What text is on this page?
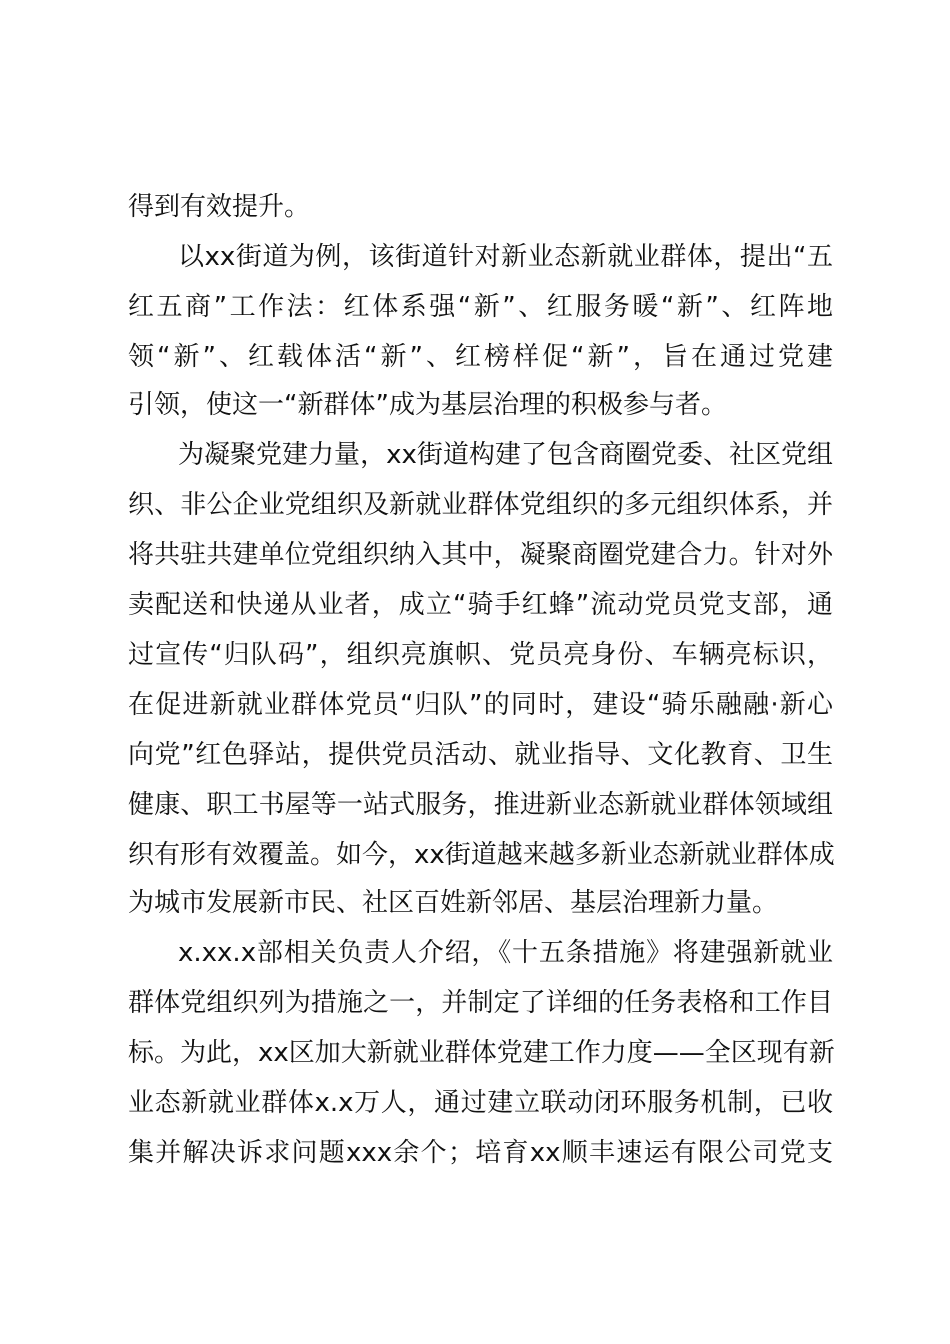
得到有效提升。
以xx街道为例，该街道针对新业态新就业群体，提出“五
红五商”工作法：红体系强“新”、红服务暖“新”、红阵地
领“新”、红载体活“新”、红榜样促“新”，旨在通过党建
引领，使这一“新群体”成为基层治理的积极参与者。
为凝聚党建力量，xx街道构建了包含商圈党委、社区党组
织、非公企业党组织及新就业群体党组织的多元组织体系，并
将共驻共建单位党组织纳入其中，凝聚商圈党建合力。针对外
卖配送和快递从业者，成立“骑手红蜂”流动党员党支部，通
过宣传“归队码”，组织亮旗帜、党员亮身份、车辆亮标识，
在促进新就业群体党员“归队”的同时，建设“骑乐融融·新心
向党”红色驿站，提供党员活动、就业指导、文化教育、卫生
健康、职工书屋等一站式服务，推进新业态新就业群体领域组
织有形有效覆盖。如今，xx街道越来越多新业态新就业群体成
为城市发展新市民、社区百姓新邻居、基层治理新力量。
x.xx.x部相关负责人介绍，《十五条措施》将建强新就业
群体党组织列为措施之一，并制定了详细的任务表格和工作目
标。为此，xx区加大新就业群体党建工作力度——全区现有新
业态新就业群体x.x万人，通过建立联动闭环服务机制，已收
集并解决诉求问题xxx余个；培育xx顺丰速运有限公司党支
